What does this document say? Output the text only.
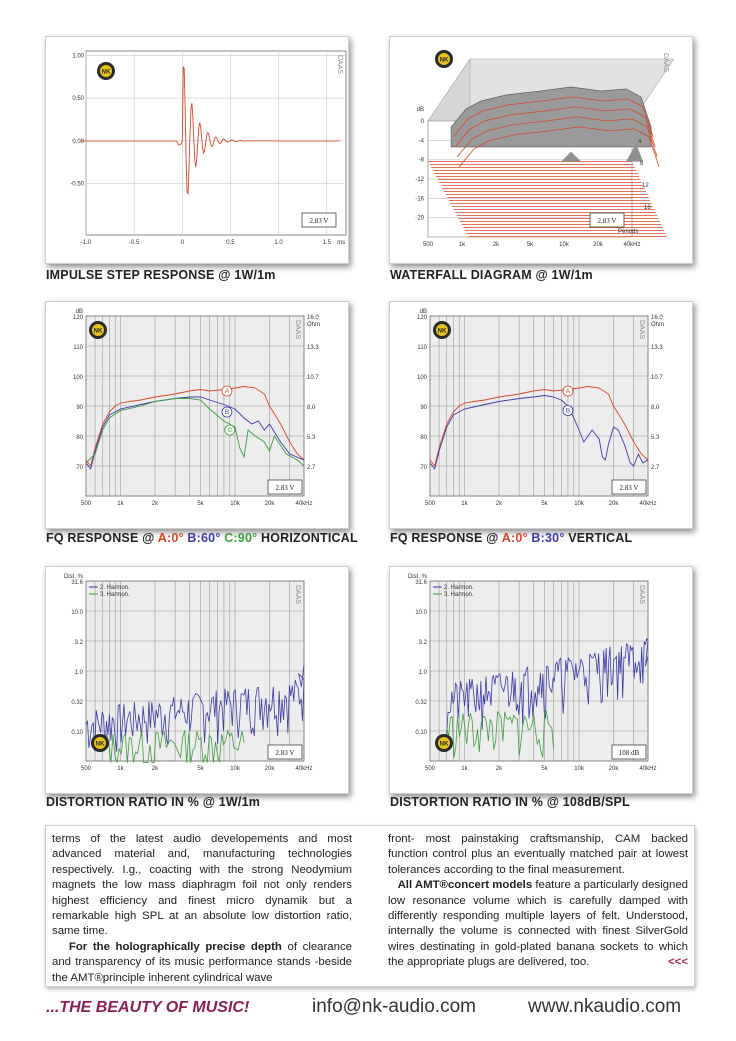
1.00
0.50
0.00
-0.50
-1.0	-0.5	0	0.5	1.0	1.5 ms
NK	DAAS
2.83 V
IMPULSE STEP RESPONSE @ 1W/1m
dB
0
-4
-8
-12
-16
-20
4
8
12
16
Periods
500	1k	2k	5k	10k	20k	40kHz
NK	DAAS
2.83 V
WATERFALL DIAGRAM @ 1W/1m
dB
120
110
100
90
80
70
16.0
Ohm
13.3
10.7
8.0
5.3
2.7
500	1k	2k	5k	10k	20k	40kHz
A
B
C
NK	DAAS
2.83 V
FQ RESPONSE @ A:0° B:60° C:90° HORIZONTICAL
dB
120
110
100
90
80
70
16.0
Ohm
13.3
10.7
8.0
5.3
2.7
500	1k	2k	5k	10k	20k	40kHz
A
B
NK	DAAS
2.83 V
FQ RESPONSE @ A:0° B:30° VERTICAL
Dist. %
31.6
10.0
3.2
1.0
0.32
0.10
500	1k	2k	5k	10k	20k	40kHz
2. Harmon.
3. Harmon.	DAAS
2.83 V
NK
DISTORTION RATIO IN % @ 1W/1m
Dist. %
31.6
10.0
3.2
1.0
0.32
0.10
500	1k	2k	5k	10k	20k	40kHz
2. Harmon.
3. Harmon.	DAAS
108 dB
NK
DISTORTION RATIO IN % @ 108dB/SPL

terms of the latest audio developements and most advanced material and, manufacturing technologies respectively. I.g., coacting with the strong Neodymium magnets the low mass diaphragm foil not only renders highest efficiency and finest micro dynamik but a remarkable high SPL at an absolute low distortion ratio, same time.

For the holographically precise depth of clearance and transparency of its music performance stands -beside the AMT®principle inherent cylindrical wave

front- most painstaking craftsmanship, CAM backed function control plus an eventually matched pair at lowest tolerances according to the final measurement.

All AMT®concert models feature a particularly designed low resonance volume which is carefully damped with differently responding multiple layers of felt. Understood, internally the volume is connected with finest SilverGold wires destinating in gold-plated banana sockets to which the appropriate plugs are delivered, too.	<<<

...THE BEAUTY OF MUSIC!	info@nk-audio.com	www.nkaudio.com
